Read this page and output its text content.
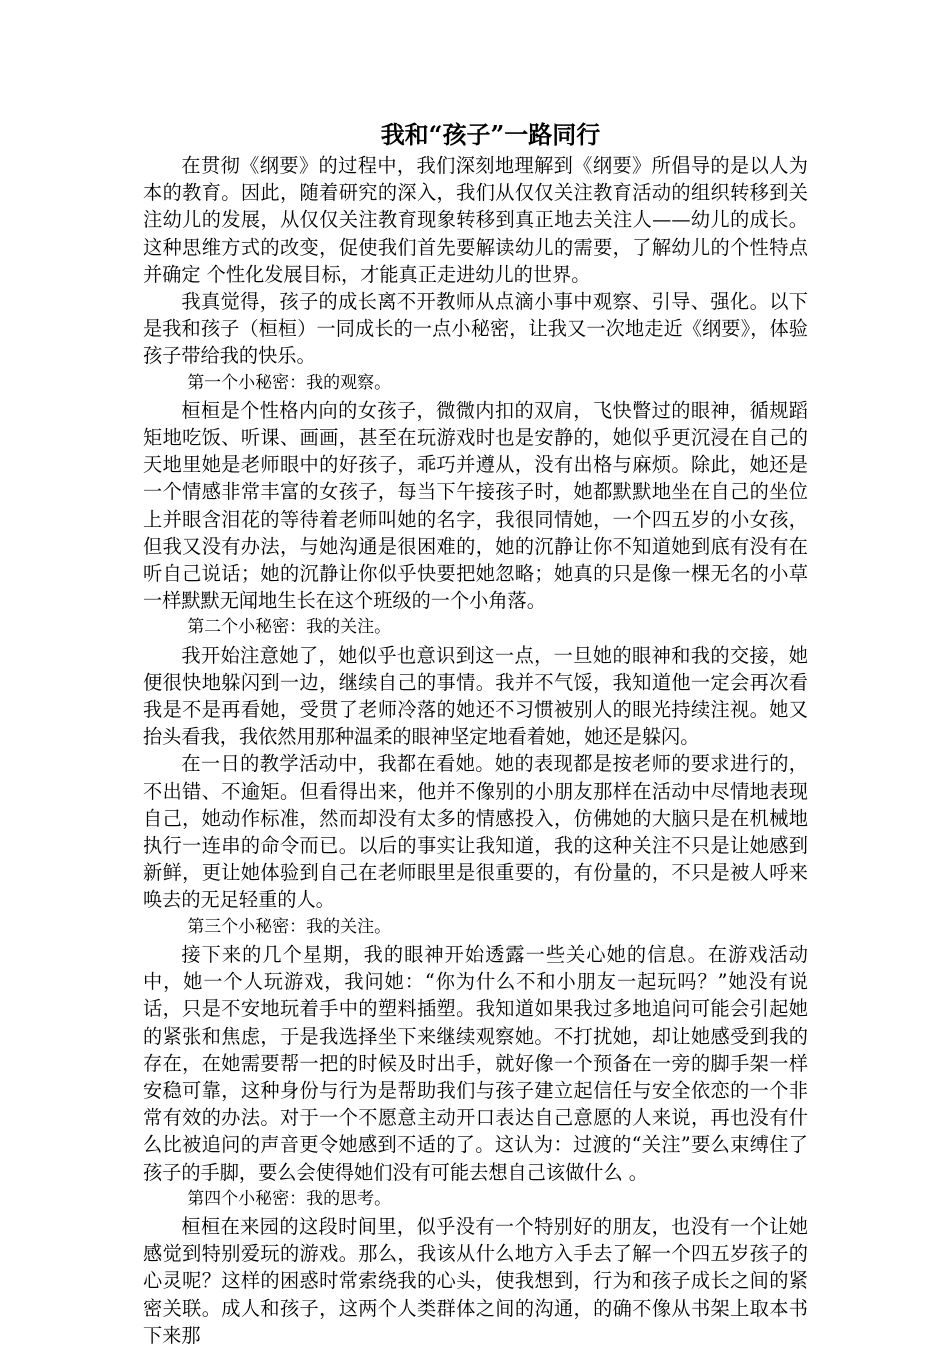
我和“孩子”一路同行

在贯彻《纲要》的过程中，我们深刻地理解到《纲要》所倡导的是以人为本的教育。因此，随着研究的深入，我们从仅仅关注教育活动的组织转移到关注幼儿的发展，从仅仅关注教育现象转移到真正地去关注人——幼儿的成长。这种思维方式的改变，促使我们首先要解读幼儿的需要，了解幼儿的个性特点并确定 个性化发展目标，才能真正走进幼儿的世界。

我真觉得，孩子的成长离不开教师从点滴小事中观察、引导、强化。以下是我和孩子（桓桓）一同成长的一点小秘密，让我又一次地走近《纲要》，体验孩子带给我的快乐。

第一个小秘密：我的观察。

桓桓是个性格内向的女孩子，微微内扣的双肩，飞快瞥过的眼神，循规蹈矩地吃饭、听课、画画，甚至在玩游戏时也是安静的，她似乎更沉浸在自己的天地里她是老师眼中的好孩子，乖巧并遵从，没有出格与麻烦。除此，她还是一个情感非常丰富的女孩子，每当下午接孩子时，她都默默地坐在自己的坐位上并眼含泪花的等待着老师叫她的名字，我很同情她，一个四五岁的小女孩，但我又没有办法，与她沟通是很困难的，她的沉静让你不知道她到底有没有在听自己说话；她的沉静让你似乎快要把她忽略；她真的只是像一棵无名的小草一样默默无闻地生长在这个班级的一个小角落。

第二个小秘密：我的关注。

我开始注意她了，她似乎也意识到这一点，一旦她的眼神和我的交接，她便很快地躲闪到一边，继续自己的事情。我并不气馁，我知道他一定会再次看我是不是再看她，受贯了老师冷落的她还不习惯被别人的眼光持续注视。她又抬头看我，我依然用那种温柔的眼神坚定地看着她，她还是躲闪。

在一日的教学活动中，我都在看她。她的表现都是按老师的要求进行的，不出错、不逾矩。但看得出来，他并不像别的小朋友那样在活动中尽情地表现自己，她动作标准，然而却没有太多的情感投入，仿佛她的大脑只是在机械地执行一连串的命令而已。以后的事实让我知道，我的这种关注不只是让她感到新鲜，更让她体验到自己在老师眼里是很重要的，有份量的，不只是被人呼来唤去的无足轻重的人。

第三个小秘密：我的关注。

接下来的几个星期，我的眼神开始透露一些关心她的信息。在游戏活动中，她一个人玩游戏，我问她：“你为什么不和小朋友一起玩吗？”她没有说话，只是不安地玩着手中的塑料插塑。我知道如果我过多地追问可能会引起她的紧张和焦虑，于是我选择坐下来继续观察她。不打扰她，却让她感受到我的存在，在她需要帮一把的时候及时出手，就好像一个预备在一旁的脚手架一样安稳可靠，这种身份与行为是帮助我们与孩子建立起信任与安全依恋的一个非常有效的办法。对于一个不愿意主动开口表达自己意愿的人来说，再也没有什么比被追问的声音更令她感到不适的了。这认为：过渡的“关注”要么束缚住了孩子的手脚，要么会使得她们没有可能去想自己该做什么 。

第四个小秘密：我的思考。

桓桓在来园的这段时间里，似乎没有一个特别好的朋友，也没有一个让她感觉到特别爱玩的游戏。那么，我该从什么地方入手去了解一个四五岁孩子的心灵呢？这样的困惑时常索绕我的心头，使我想到，行为和孩子成长之间的紧密关联。成人和孩子，这两个人类群体之间的沟通，的确不像从书架上取本书下来那
